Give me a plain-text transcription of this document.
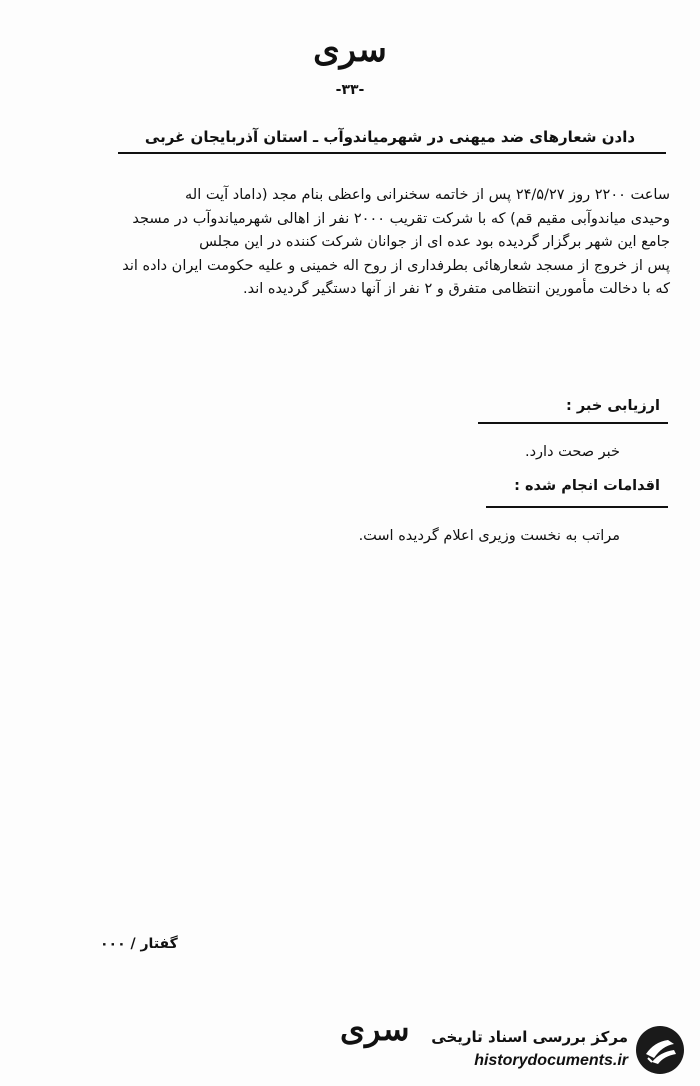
سری
-۳۳-
دادن شعارهای ضد میهنی در شهرمیاندوآب ـ استان آذربایجان غربی
ساعت ۲۲۰۰ روز ۲۴/۵/۲۷ پس از خاتمه سخنرانی واعظی بنام مجد (داماد آیت اله
وحیدی میاندوآبی مقیم قم) که با شرکت تقریب ۲۰۰۰ نفر از اهالی شهرمیاندوآب در مسجد
جامع این شهر برگزار گردیده بود عده ای از جوانان شرکت کننده در این مجلس
پس از خروج از مسجد شعارهائی بطرفداری از روح اله خمینی و علیه حکومت ایران داده اند
که با دخالت مأمورین انتظامی متفرق و ۲ نفر از آنها دستگیر گردیده اند.
ارزیابی خبر :
خبر صحت دارد.
اقدامات انجام شده :
مراتب به نخست وزیری اعلام گردیده است.
گفتار / ۰۰۰
سری مرکز بررسی اسناد تاریخی
historydocuments.ir
